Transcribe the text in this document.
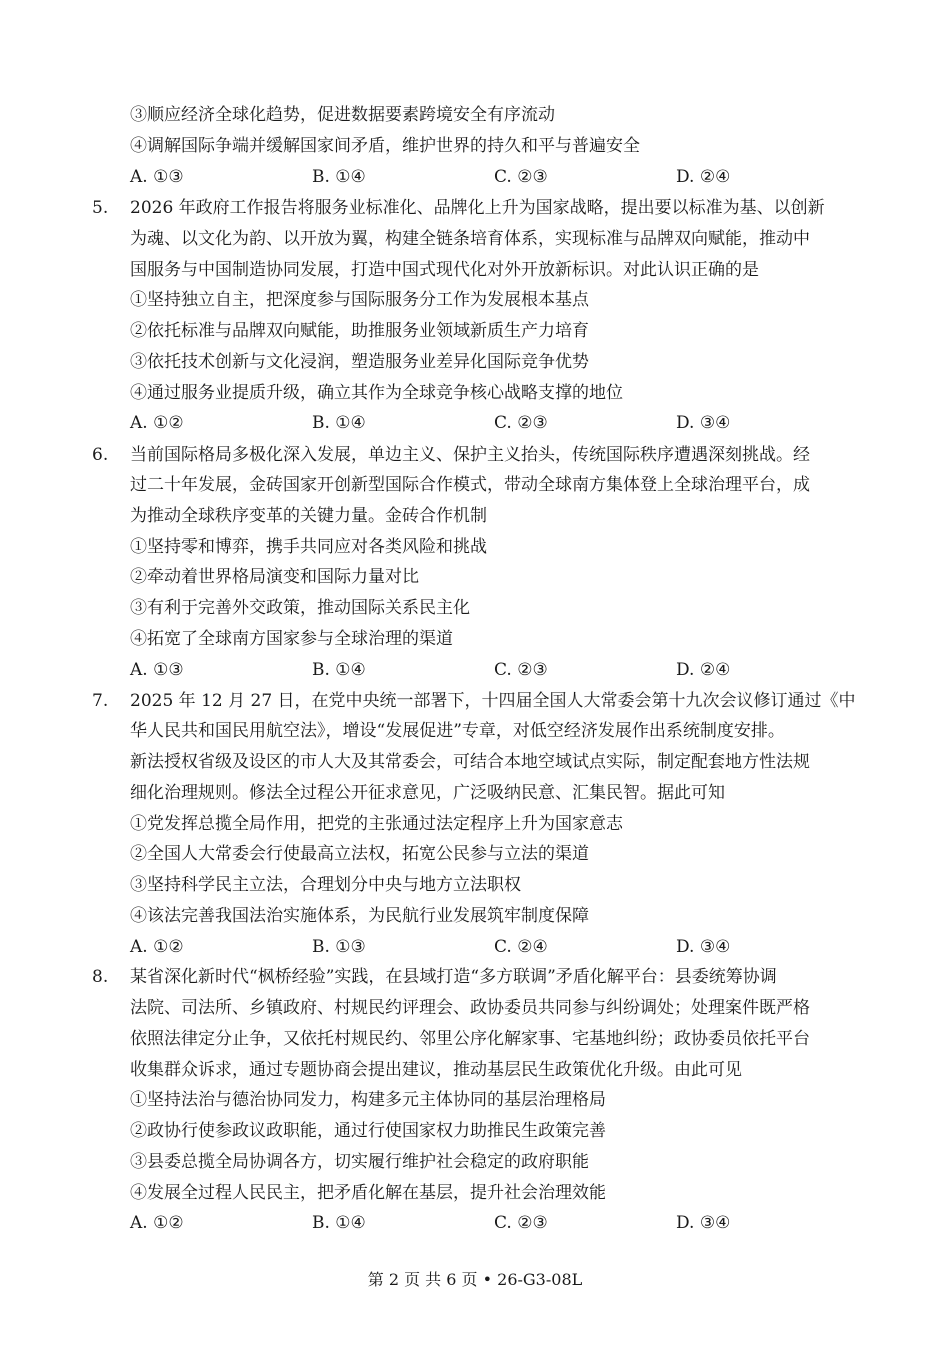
③顺应经济全球化趋势，促进数据要素跨境安全有序流动
④调解国际争端并缓解国家间矛盾，维护世界的持久和平与普遍安全
A. ①③	B. ①④	C. ②③	D. ②④
5.	2026 年政府工作报告将服务业标准化、品牌化上升为国家战略，提出要以标准为基、以创新
为魂、以文化为韵、以开放为翼，构建全链条培育体系，实现标准与品牌双向赋能，推动中
国服务与中国制造协同发展，打造中国式现代化对外开放新标识。对此认识正确的是
①坚持独立自主，把深度参与国际服务分工作为发展根本基点
②依托标准与品牌双向赋能，助推服务业领域新质生产力培育
③依托技术创新与文化浸润，塑造服务业差异化国际竞争优势
④通过服务业提质升级，确立其作为全球竞争核心战略支撑的地位
A. ①②	B. ①④	C. ②③	D. ③④
6.	当前国际格局多极化深入发展，单边主义、保护主义抬头，传统国际秩序遭遇深刻挑战。经
过二十年发展，金砖国家开创新型国际合作模式，带动全球南方集体登上全球治理平台，成
为推动全球秩序变革的关键力量。金砖合作机制
①坚持零和博弈，携手共同应对各类风险和挑战
②牵动着世界格局演变和国际力量对比
③有利于完善外交政策，推动国际关系民主化
④拓宽了全球南方国家参与全球治理的渠道
A. ①③	B. ①④	C. ②③	D. ②④
7.	2025 年 12 月 27 日，在党中央统一部署下，十四届全国人大常委会第十九次会议修订通过《中
华人民共和国民用航空法》，增设“发展促进”专章，对低空经济发展作出系统制度安排。
新法授权省级及设区的市人大及其常委会，可结合本地空域试点实际，制定配套地方性法规
细化治理规则。修法全过程公开征求意见，广泛吸纳民意、汇集民智。据此可知
①党发挥总揽全局作用，把党的主张通过法定程序上升为国家意志
②全国人大常委会行使最高立法权，拓宽公民参与立法的渠道
③坚持科学民主立法，合理划分中央与地方立法职权
④该法完善我国法治实施体系，为民航行业发展筑牢制度保障
A. ①②	B. ①③	C. ②④	D. ③④
8.	某省深化新时代“枫桥经验”实践，在县域打造“多方联调”矛盾化解平台：县委统筹协调
法院、司法所、乡镇政府、村规民约评理会、政协委员共同参与纠纷调处；处理案件既严格
依照法律定分止争，又依托村规民约、邻里公序化解家事、宅基地纠纷；政协委员依托平台
收集群众诉求，通过专题协商会提出建议，推动基层民生政策优化升级。由此可见
①坚持法治与德治协同发力，构建多元主体协同的基层治理格局
②政协行使参政议政职能，通过行使国家权力助推民生政策完善
③县委总揽全局协调各方，切实履行维护社会稳定的政府职能
④发展全过程人民民主，把矛盾化解在基层，提升社会治理效能
A. ①②	B. ①④	C. ②③	D. ③④
第 2 页 共 6 页 • 26-G3-08L
